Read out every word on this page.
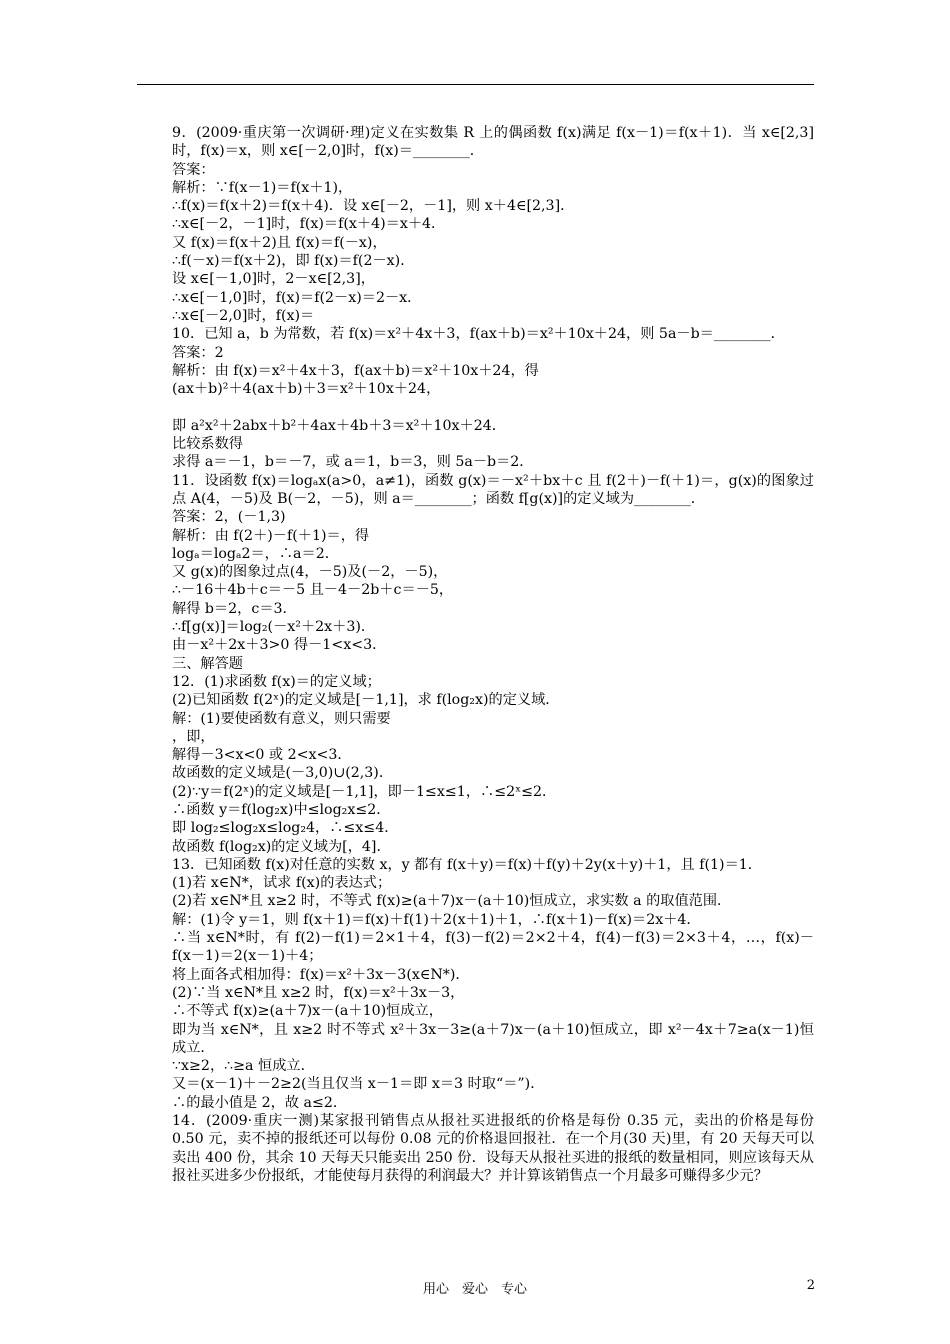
9．(2009·重庆第一次调研·理)定义在实数集 R 上的偶函数 f(x)满足 f(x－1)＝f(x＋1)．当 x∈[2,3]时，f(x)＝x，则 x∈[－2,0]时，f(x)＝________．
答案：
解析：∵f(x－1)＝f(x＋1)，
∴f(x)＝f(x＋2)＝f(x＋4)．设 x∈[－2，－1]，则 x＋4∈[2,3]．
∴x∈[－2，－1]时，f(x)＝f(x＋4)＝x＋4．
又 f(x)＝f(x＋2)且 f(x)＝f(－x)，
∴f(－x)＝f(x＋2)，即 f(x)＝f(2－x)．
设 x∈[－1,0]时，2－x∈[2,3]，
∴x∈[－1,0]时，f(x)＝f(2－x)＝2－x．
∴x∈[－2,0]时，f(x)＝
10．已知 a，b 为常数，若 f(x)＝x²＋4x＋3，f(ax＋b)＝x²＋10x＋24，则 5a－b＝________．
答案：2
解析：由 f(x)＝x²＋4x＋3，f(ax＋b)＝x²＋10x＋24，得
(ax＋b)²＋4(ax＋b)＋3＝x²＋10x＋24，
即 a²x²＋2abx＋b²＋4ax＋4b＋3＝x²＋10x＋24．
比较系数得
求得 a＝－1，b＝－7，或 a＝1，b＝3，则 5a－b＝2．
11．设函数 f(x)＝logₐx(a>0，a≠1)，函数 g(x)＝－x²＋bx＋c 且 f(2＋)－f(＋1)＝，g(x)的图象过点 A(4，－5)及 B(－2，－5)，则 a＝________；函数 f[g(x)]的定义域为________．
答案：2，(－1,3)
解析：由 f(2＋)－f(＋1)＝，得
logₐ＝logₐ2＝，∴a＝2．
又 g(x)的图象过点(4，－5)及(－2，－5)，
∴－16＋4b＋c＝－5 且－4－2b＋c＝－5，
解得 b＝2，c＝3．
∴f[g(x)]＝log₂(－x²＋2x＋3)．
由－x²＋2x＋3>0 得－1<x<3．
三、解答题
12．(1)求函数 f(x)＝的定义域；
(2)已知函数 f(2ˣ)的定义域是[－1,1]，求 f(log₂x)的定义域．
解：(1)要使函数有意义，则只需要
，即，
解得－3<x<0 或 2<x<3．
故函数的定义域是(－3,0)∪(2,3)．
(2)∵y＝f(2ˣ)的定义域是[－1,1]，即－1≤x≤1，∴≤2ˣ≤2．
∴函数 y＝f(log₂x)中≤log₂x≤2．
即 log₂≤log₂x≤log₂4，∴≤x≤4．
故函数 f(log₂x)的定义域为[，4]．
13．已知函数 f(x)对任意的实数 x，y 都有 f(x＋y)＝f(x)＋f(y)＋2y(x＋y)＋1，且 f(1)＝1．
(1)若 x∈N*，试求 f(x)的表达式；
(2)若 x∈N*且 x≥2 时，不等式 f(x)≥(a＋7)x－(a＋10)恒成立，求实数 a 的取值范围．
解：(1)令 y＝1，则 f(x＋1)＝f(x)＋f(1)＋2(x＋1)＋1，∴f(x＋1)－f(x)＝2x＋4．
∴当 x∈N*时，有 f(2)－f(1)＝2×1＋4，f(3)－f(2)＝2×2＋4，f(4)－f(3)＝2×3＋4，…，f(x)－f(x－1)＝2(x－1)＋4；
将上面各式相加得：f(x)＝x²＋3x－3(x∈N*)．
(2)∵当 x∈N*且 x≥2 时，f(x)＝x²＋3x－3，
∴不等式 f(x)≥(a＋7)x－(a＋10)恒成立，
即为当 x∈N*，且 x≥2 时不等式 x²＋3x－3≥(a＋7)x－(a＋10)恒成立，即 x²－4x＋7≥a(x－1)恒成立．
∵x≥2，∴≥a 恒成立．
又＝(x－1)＋－2≥2(当且仅当 x－1＝即 x＝3 时取“＝”)．
∴的最小值是 2，故 a≤2．
14．(2009·重庆一测)某家报刊销售点从报社买进报纸的价格是每份 0.35 元，卖出的价格是每份 0.50 元，卖不掉的报纸还可以每份 0.08 元的价格退回报社．在一个月(30 天)里，有 20 天每天可以卖出 400 份，其余 10 天每天只能卖出 250 份．设每天从报社买进的报纸的数量相同，则应该每天从报社买进多少份报纸，才能使每月获得的利润最大？并计算该销售点一个月最多可赚得多少元？
用心　爱心　专心	2
